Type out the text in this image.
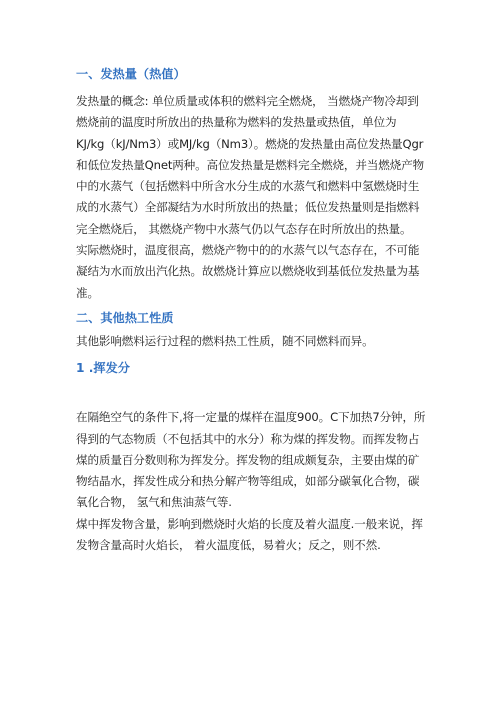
一、发热量（热值）

发热量的概念: 单位质量或体积的燃料完全燃烧， 当燃烧产物冷却到
燃烧前的温度时所放出的热量称为燃料的发热量或热值，单位为
KJ/kg（kJ/Nm3）或MJ/kg（Nm3）。燃烧的发热量由高位发热量Qgr
和低位发热量Qnet两种。高位发热量是燃料完全燃烧，并当燃烧产物
中的水蒸气（包括燃料中所含水分生成的水蒸气和燃料中氢燃烧时生
成的水蒸气）全部凝结为水时所放出的热量；低位发热量则是指燃料
完全燃烧后， 其燃烧产物中水蒸气仍以气态存在时所放出的热量。

实际燃烧时，温度很高，燃烧产物中的的水蒸气以气态存在，不可能
凝结为水而放出汽化热。故燃烧计算应以燃烧收到基低位发热量为基
准。

二、其他热工性质

其他影响燃料运行过程的燃料热工性质，随不同燃料而异。

1 .挥发分

在隔绝空气的条件下,将一定量的煤样在温度900。C下加热7分钟，所
得到的气态物质（不包括其中的水分）称为煤的挥发物。而挥发物占
煤的质量百分数则称为挥发分。挥发物的组成颇复杂，主要由煤的矿
物结晶水，挥发性成分和热分解产物等组成，如部分碳氧化合物，碳
氧化合物， 氢气和焦油蒸气等.

煤中挥发物含量，影响到燃烧时火焰的长度及着火温度.一般来说，挥
发物含量高时火焰长， 着火温度低，易着火；反之，则不然.
